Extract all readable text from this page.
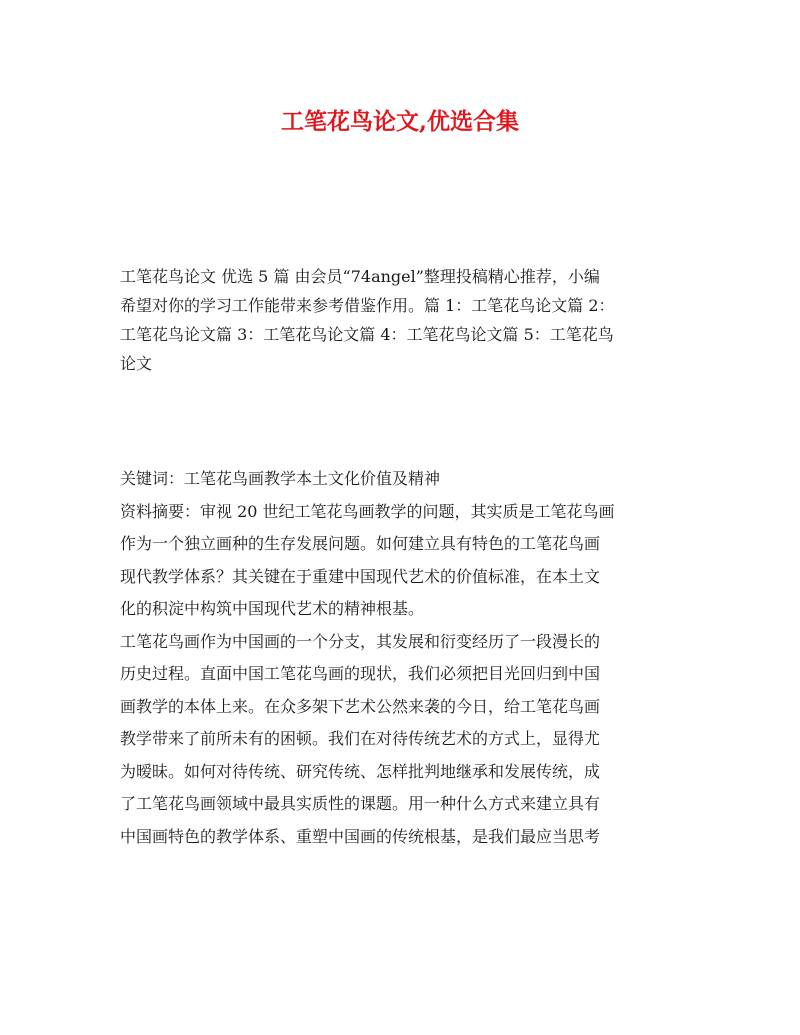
工笔花鸟论文,优选合集
工笔花鸟论文 优选 5 篇 由会员“74angel”整理投稿精心推荐，小编
希望对你的学习工作能带来参考借鉴作用。篇 1：工笔花鸟论文篇 2：
工笔花鸟论文篇 3：工笔花鸟论文篇 4：工笔花鸟论文篇 5：工笔花鸟
论文
关键词：工笔花鸟画教学本土文化价值及精神
资料摘要：审视 20 世纪工笔花鸟画教学的问题，其实质是工笔花鸟画
作为一个独立画种的生存发展问题。如何建立具有特色的工笔花鸟画
现代教学体系？其关键在于重建中国现代艺术的价值标准，在本土文
化的积淀中构筑中国现代艺术的精神根基。
工笔花鸟画作为中国画的一个分支，其发展和衍变经历了一段漫长的
历史过程。直面中国工笔花鸟画的现状，我们必须把目光回归到中国
画教学的本体上来。在众多架下艺术公然来袭的今日，给工笔花鸟画
教学带来了前所未有的困顿。我们在对待传统艺术的方式上，显得尤
为暧昧。如何对待传统、研究传统、怎样批判地继承和发展传统，成
了工笔花鸟画领域中最具实质性的课题。用一种什么方式来建立具有
中国画特色的教学体系、重塑中国画的传统根基，是我们最应当思考
